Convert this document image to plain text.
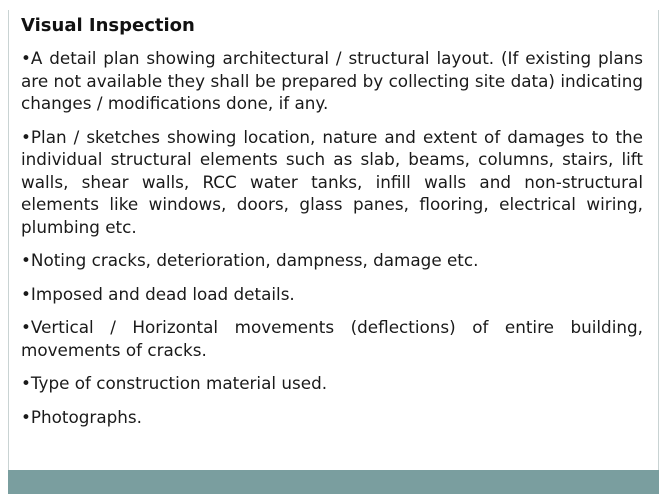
Visual Inspection
•A detail plan showing architectural / structural layout. (If existing plans are not available they shall be prepared by collecting site data) indicating changes / modifications done, if any.
•Plan / sketches showing location, nature and extent of damages to the individual structural elements such as slab, beams, columns, stairs, lift walls, shear walls, RCC water tanks, infill walls and non-structural elements like windows, doors, glass panes, flooring, electrical wiring, plumbing etc.
•Noting cracks, deterioration, dampness, damage etc.
•Imposed and dead load details.
•Vertical / Horizontal movements (deflections) of entire building, movements of cracks.
•Type of construction material used.
•Photographs.
